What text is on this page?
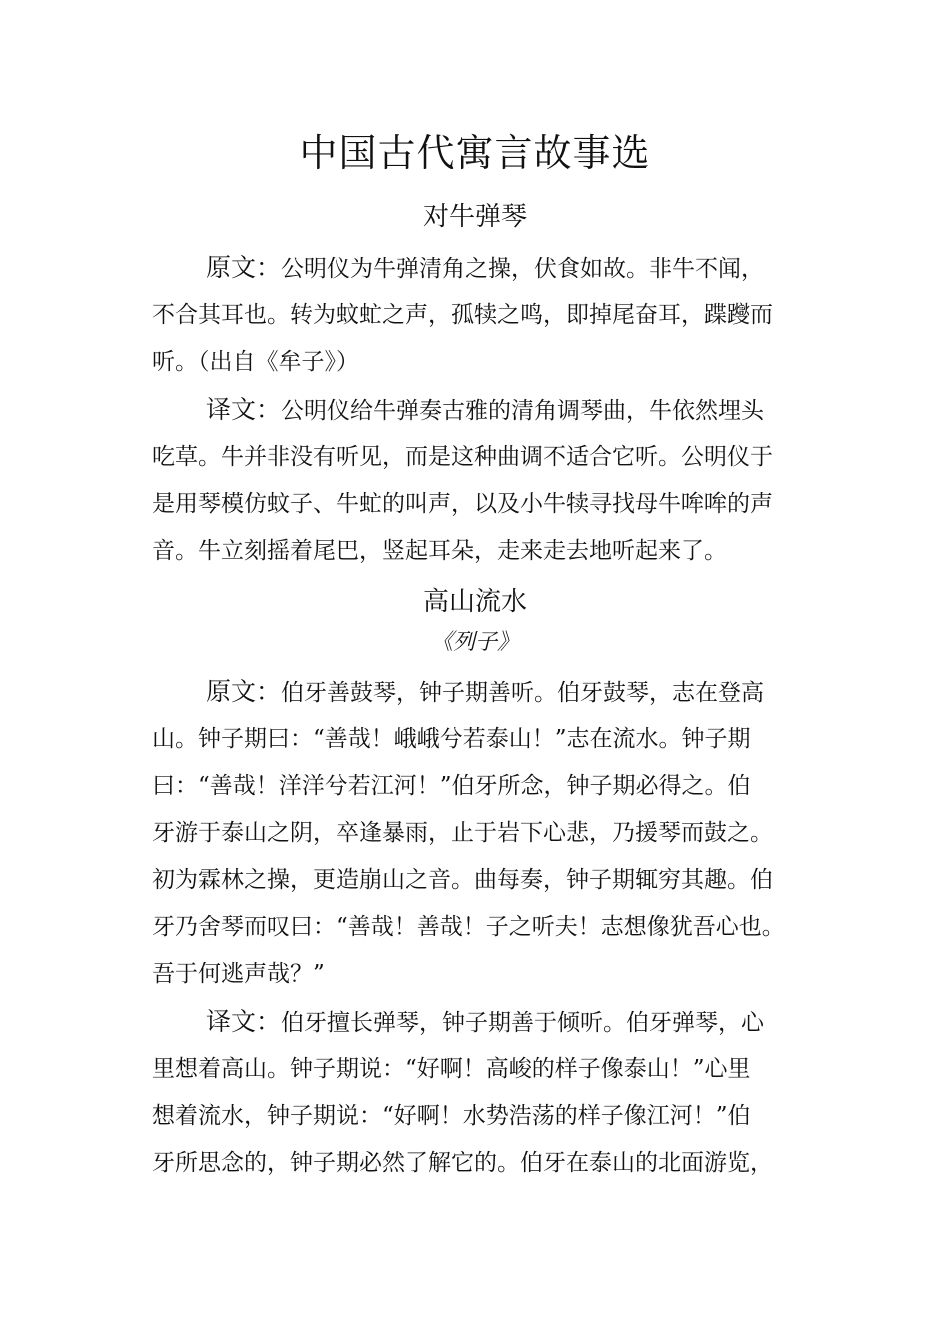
中国古代寓言故事选
对牛弹琴
原文：公明仪为牛弹清角之操，伏食如故。非牛不闻，
不合其耳也。转为蚊虻之声，孤犊之鸣，即掉尾奋耳，蹀躞而
听。（出自《牟子》）
译文：公明仪给牛弹奏古雅的清角调琴曲，牛依然埋头
吃草。牛并非没有听见，而是这种曲调不适合它听。公明仪于
是用琴模仿蚊子、牛虻的叫声，以及小牛犊寻找母牛哞哞的声
音。牛立刻摇着尾巴，竖起耳朵，走来走去地听起来了。
高山流水
《列子》
原文：伯牙善鼓琴，钟子期善听。伯牙鼓琴，志在登高
山。钟子期曰：“善哉！峨峨兮若泰山！”志在流水。钟子期
曰：“善哉！洋洋兮若江河！”伯牙所念，钟子期必得之。伯
牙游于泰山之阴，卒逢暴雨，止于岩下心悲，乃援琴而鼓之。
初为霖林之操，更造崩山之音。曲每奏，钟子期辄穷其趣。伯
牙乃舍琴而叹曰：“善哉！善哉！子之听夫！志想像犹吾心也。
吾于何逃声哉？”
译文：伯牙擅长弹琴，钟子期善于倾听。伯牙弹琴，心
里想着高山。钟子期说：“好啊！高峻的样子像泰山！”心里
想着流水，钟子期说：“好啊！水势浩荡的样子像江河！”伯
牙所思念的，钟子期必然了解它的。伯牙在泰山的北面游览，
